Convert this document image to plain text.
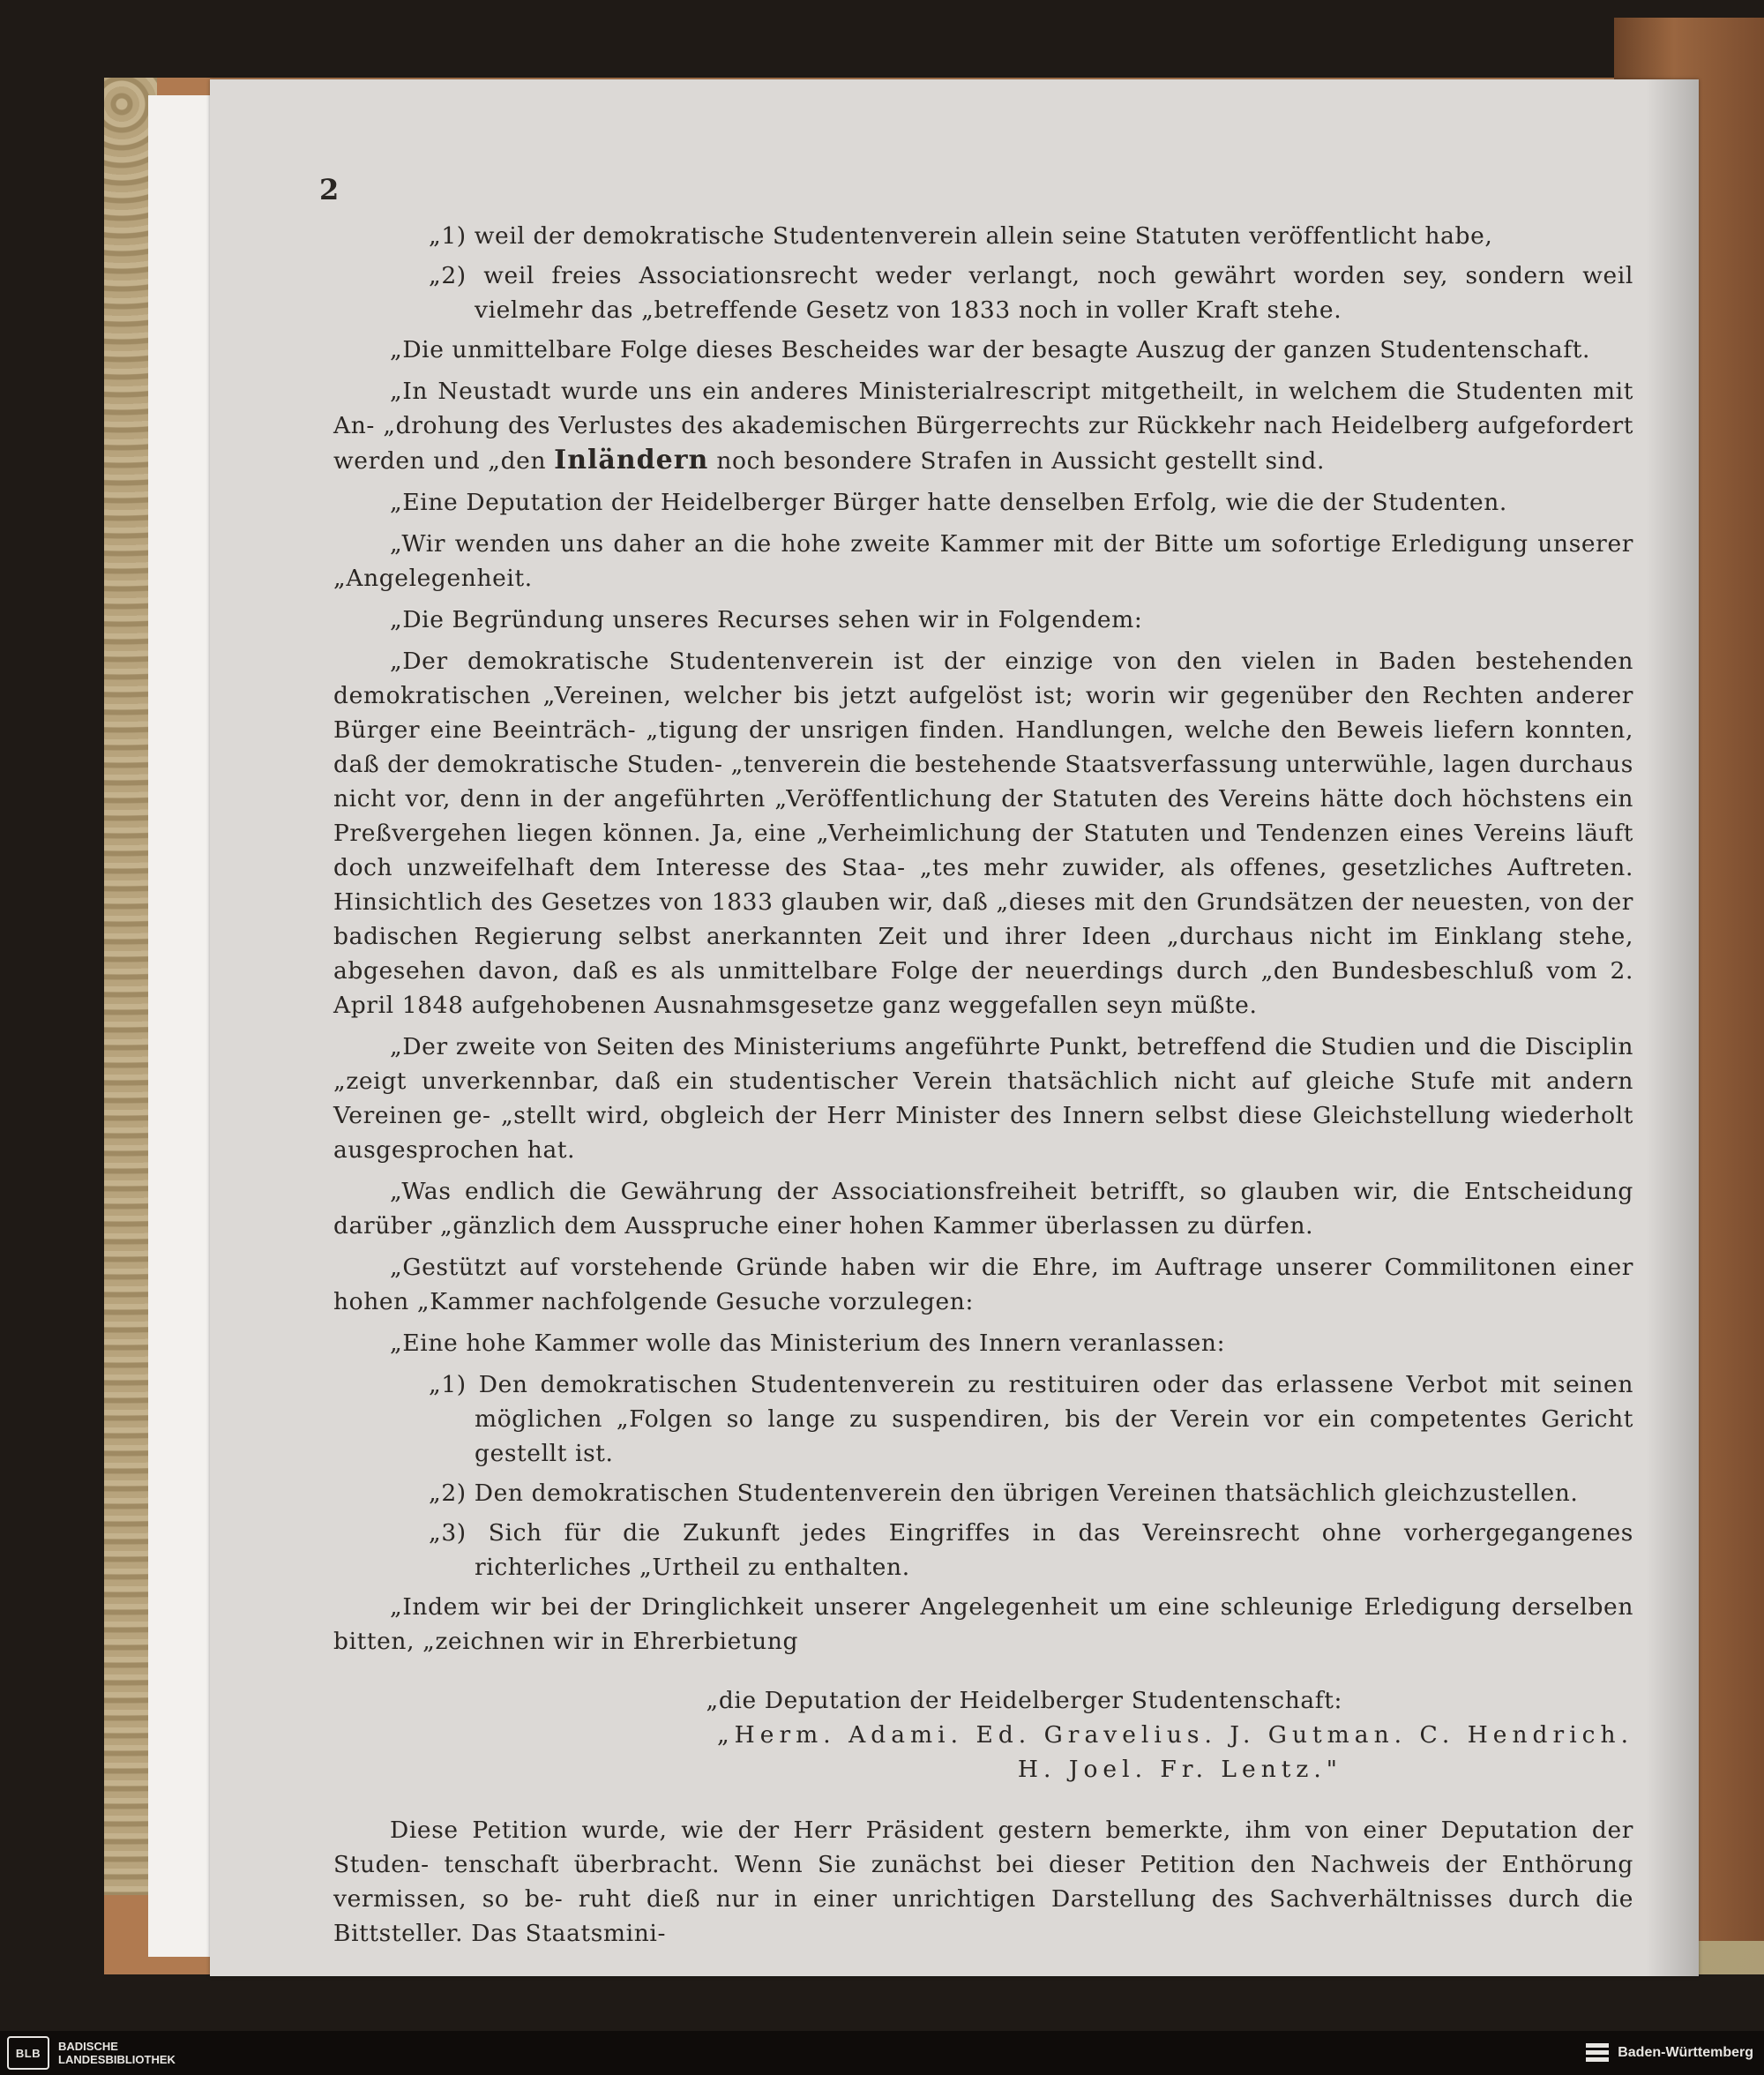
2

„1) weil der demokratische Studentenverein allein seine Statuten veröffentlicht habe,

„2) weil freies Associationsrecht weder verlangt, noch gewährt worden sey, sondern weil vielmehr das „betreffende Gesetz von 1833 noch in voller Kraft stehe.

„Die unmittelbare Folge dieses Bescheides war der besagte Auszug der ganzen Studentenschaft.

„In Neustadt wurde uns ein anderes Ministerialrescript mitgetheilt, in welchem die Studenten mit An- „drohung des Verlustes des akademischen Bürgerrechts zur Rückkehr nach Heidelberg aufgefordert werden und „den Inländern noch besondere Strafen in Aussicht gestellt sind.

„Eine Deputation der Heidelberger Bürger hatte denselben Erfolg, wie die der Studenten.

„Wir wenden uns daher an die hohe zweite Kammer mit der Bitte um sofortige Erledigung unserer „Angelegenheit.

„Die Begründung unseres Recurses sehen wir in Folgendem:

„Der demokratische Studentenverein ist der einzige von den vielen in Baden bestehenden demokratischen „Vereinen, welcher bis jetzt aufgelöst ist; worin wir gegenüber den Rechten anderer Bürger eine Beeinträch- „tigung der unsrigen finden. Handlungen, welche den Beweis liefern konnten, daß der demokratische Studen- „tenverein die bestehende Staatsverfassung unterwühle, lagen durchaus nicht vor, denn in der angeführten „Veröffentlichung der Statuten des Vereins hätte doch höchstens ein Preßvergehen liegen können. Ja, eine „Verheimlichung der Statuten und Tendenzen eines Vereins läuft doch unzweifelhaft dem Interesse des Staa- „tes mehr zuwider, als offenes, gesetzliches Auftreten. Hinsichtlich des Gesetzes von 1833 glauben wir, daß „dieses mit den Grundsätzen der neuesten, von der badischen Regierung selbst anerkannten Zeit und ihrer Ideen „durchaus nicht im Einklang stehe, abgesehen davon, daß es als unmittelbare Folge der neuerdings durch „den Bundesbeschluß vom 2. April 1848 aufgehobenen Ausnahmsgesetze ganz weggefallen seyn müßte.

„Der zweite von Seiten des Ministeriums angeführte Punkt, betreffend die Studien und die Disciplin „zeigt unverkennbar, daß ein studentischer Verein thatsächlich nicht auf gleiche Stufe mit andern Vereinen ge- „stellt wird, obgleich der Herr Minister des Innern selbst diese Gleichstellung wiederholt ausgesprochen hat.

„Was endlich die Gewährung der Associationsfreiheit betrifft, so glauben wir, die Entscheidung darüber „gänzlich dem Ausspruche einer hohen Kammer überlassen zu dürfen.

„Gestützt auf vorstehende Gründe haben wir die Ehre, im Auftrage unserer Commilitonen einer hohen „Kammer nachfolgende Gesuche vorzulegen:

„Eine hohe Kammer wolle das Ministerium des Innern veranlassen:

„1) Den demokratischen Studentenverein zu restituiren oder das erlassene Verbot mit seinen möglichen „Folgen so lange zu suspendiren, bis der Verein vor ein competentes Gericht gestellt ist.

„2) Den demokratischen Studentenverein den übrigen Vereinen thatsächlich gleichzustellen.

„3) Sich für die Zukunft jedes Eingriffes in das Vereinsrecht ohne vorhergegangenes richterliches „Urtheil zu enthalten.

„Indem wir bei der Dringlichkeit unserer Angelegenheit um eine schleunige Erledigung derselben bitten, „zeichnen wir in Ehrerbietung

„die Deputation der Heidelberger Studentenschaft:

„Herm. Adami. Ed. Gravelius. J. Gutman. C. Hendrich.

H. Joel. Fr. Lentz."

Diese Petition wurde, wie der Herr Präsident gestern bemerkte, ihm von einer Deputation der Studen- tenschaft überbracht. Wenn Sie zunächst bei dieser Petition den Nachweis der Enthörung vermissen, so be- ruht dieß nur in einer unrichtigen Darstellung des Sachverhältnisses durch die Bittsteller. Das Staatsmini-

BLB	BADISCHE
LANDESBIBLIOTHEK	Baden-Württemberg
